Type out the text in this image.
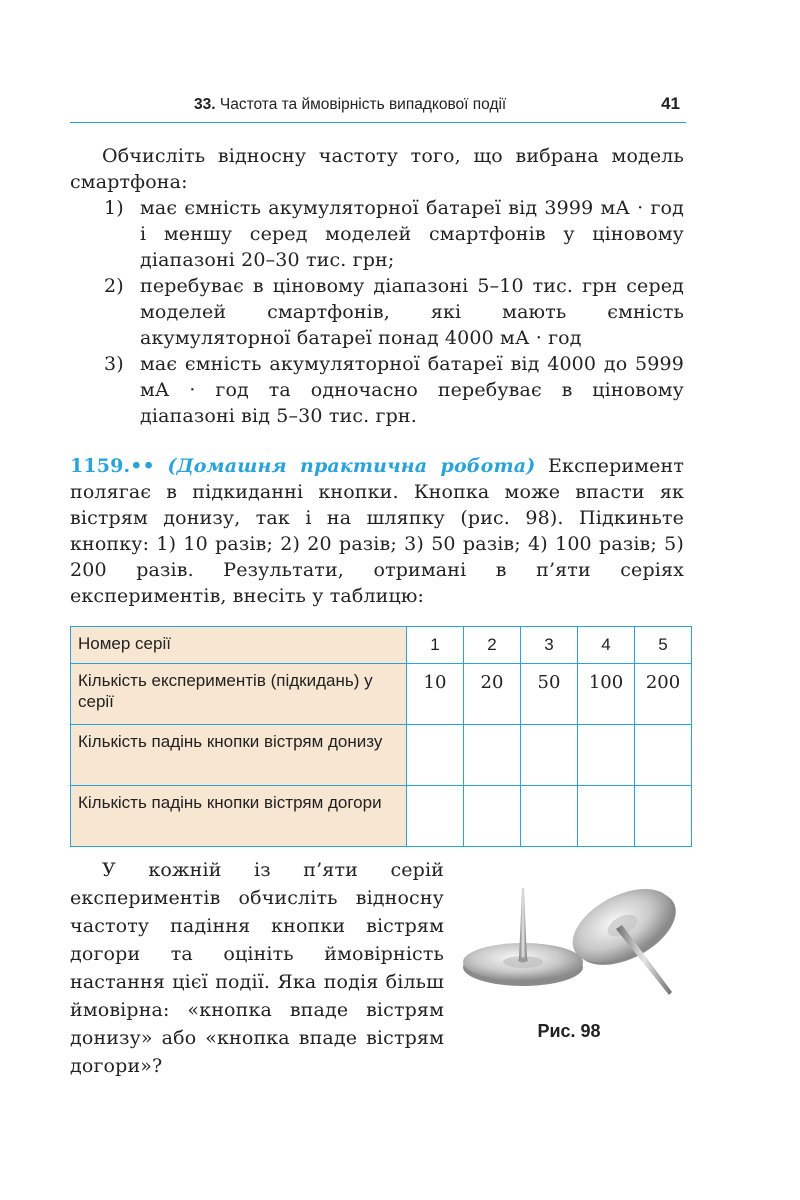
33. Частота та ймовірність випадкової події	41
Обчисліть відносну частоту того, що вибрана модель смартфона:
1) має ємність акумуляторної батареї від 3999 мА · год і меншу серед моделей смартфонів у ціновому діапазоні 20–30 тис. грн;
2) перебуває в ціновому діапазоні 5–10 тис. грн серед моделей смартфонів, які мають ємність акумуляторної батареї понад 4000 мА · год
3) має ємність акумуляторної батареї від 4000 до 5999 мА · год та одночасно перебуває в ціновому діапазоні від 5–30 тис. грн.
1159.•• (Домашня практична робота) Експеримент полягає в підкиданні кнопки. Кнопка може впасти як вістрям донизу, так і на шляпку (рис. 98). Підкиньте кнопку: 1) 10 разів; 2) 20 разів; 3) 50 разів; 4) 100 разів; 5) 200 разів. Результати, отримані в п’яти серіях експериментів, внесіть у таблицю:
Номер серії	1	2	3	4	5
Кількість експериментів (підкидань) у серії	10	20	50	100	200
Кількість падінь кнопки вістрям донизу					
Кількість падінь кнопки вістрям догори					
У кожній із п’яти серій експериментів обчисліть відносну частоту падіння кнопки вістрям догори та оцініть ймовірність настання цієї події. Яка подія більш ймовірна: «кнопка впаде вістрям донизу» або «кнопка впаде вістрям догори»?
Рис. 98
